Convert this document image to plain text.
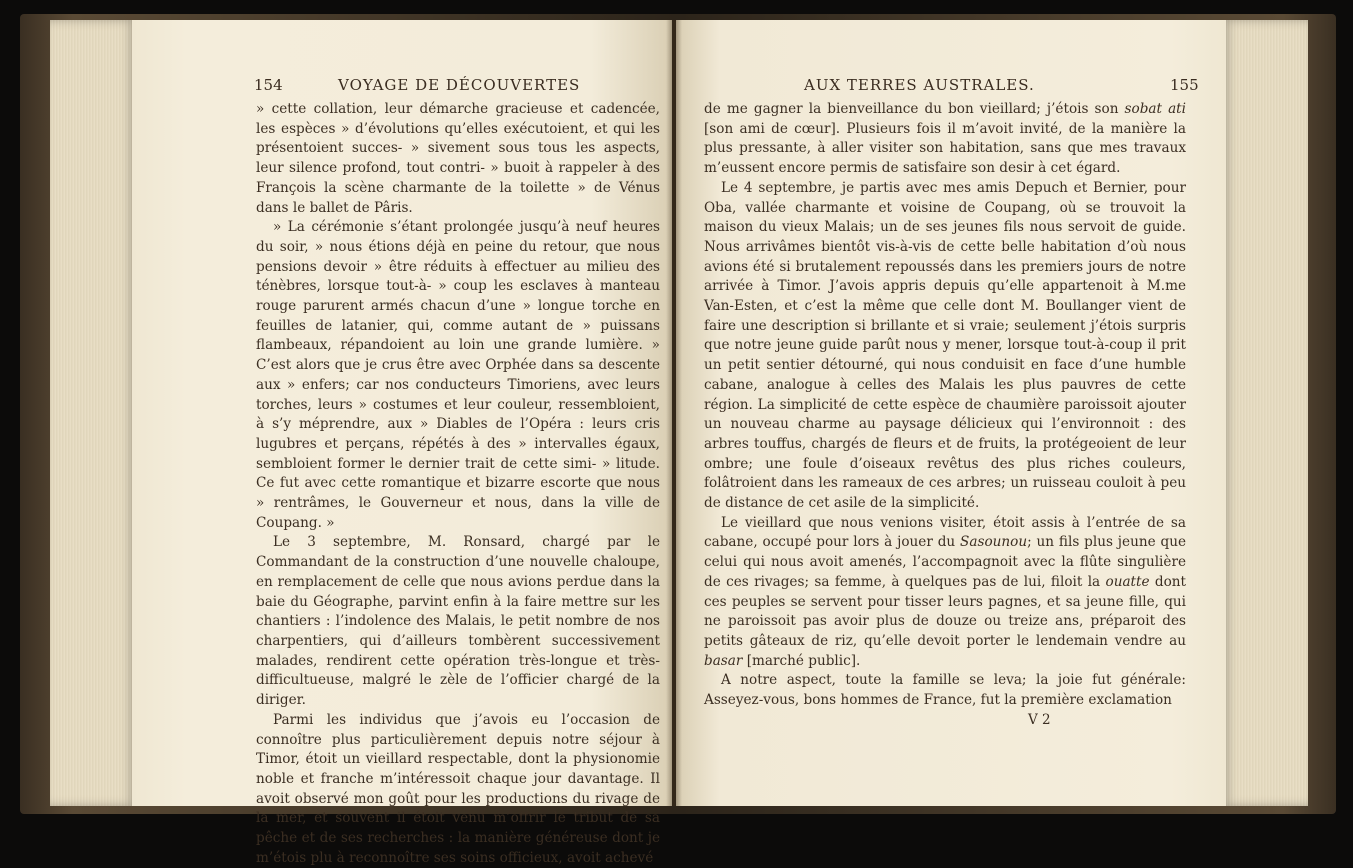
154	VOYAGE DE DÉCOUVERTES

» cette collation, leur démarche gracieuse et cadencée, les espèces » d’évolutions qu’elles exécutoient, et qui les présentoient succes- » sivement sous tous les aspects, leur silence profond, tout contri- » buoit à rappeler à des François la scène charmante de la toilette » de Vénus dans le ballet de Pâris.

» La cérémonie s’étant prolongée jusqu’à neuf heures du soir, » nous étions déjà en peine du retour, que nous pensions devoir » être réduits à effectuer au milieu des ténèbres, lorsque tout-à- » coup les esclaves à manteau rouge parurent armés chacun d’une » longue torche en feuilles de latanier, qui, comme autant de » puissans flambeaux, répandoient au loin une grande lumière. » C’est alors que je crus être avec Orphée dans sa descente aux » enfers; car nos conducteurs Timoriens, avec leurs torches, leurs » costumes et leur couleur, ressembloient, à s’y méprendre, aux » Diables de l’Opéra : leurs cris lugubres et perçans, répétés à des » intervalles égaux, sembloient former le dernier trait de cette simi- » litude. Ce fut avec cette romantique et bizarre escorte que nous » rentrâmes, le Gouverneur et nous, dans la ville de Coupang. »

Le 3 septembre, M. Ronsard, chargé par le Commandant de la construction d’une nouvelle chaloupe, en remplacement de celle que nous avions perdue dans la baie du Géographe, parvint enfin à la faire mettre sur les chantiers : l’indolence des Malais, le petit nombre de nos charpentiers, qui d’ailleurs tombèrent successivement malades, rendirent cette opération très-longue et très-difficultueuse, malgré le zèle de l’officier chargé de la diriger.

Parmi les individus que j’avois eu l’occasion de connoître plus particulièrement depuis notre séjour à Timor, étoit un vieillard respectable, dont la physionomie noble et franche m’intéressoit chaque jour davantage. Il avoit observé mon goût pour les productions du rivage de la mer, et souvent il étoit venu m’offrir le tribut de sa pêche et de ses recherches : la manière généreuse dont je m’étois plu à reconnoître ses soins officieux, avoit achevé

AUX TERRES AUSTRALES.	155

de me gagner la bienveillance du bon vieillard; j’étois son sobat ati [son ami de cœur]. Plusieurs fois il m’avoit invité, de la manière la plus pressante, à aller visiter son habitation, sans que mes travaux m’eussent encore permis de satisfaire son desir à cet égard.

Le 4 septembre, je partis avec mes amis Depuch et Bernier, pour Oba, vallée charmante et voisine de Coupang, où se trouvoit la maison du vieux Malais; un de ses jeunes fils nous servoit de guide. Nous arrivâmes bientôt vis-à-vis de cette belle habitation d’où nous avions été si brutalement repoussés dans les premiers jours de notre arrivée à Timor. J’avois appris depuis qu’elle appartenoit à M.me Van-Esten, et c’est la même que celle dont M. Boullanger vient de faire une description si brillante et si vraie; seulement j’étois surpris que notre jeune guide parût nous y mener, lorsque tout-à-coup il prit un petit sentier détourné, qui nous conduisit en face d’une humble cabane, analogue à celles des Malais les plus pauvres de cette région. La simplicité de cette espèce de chaumière paroissoit ajouter un nouveau charme au paysage délicieux qui l’environnoit : des arbres touffus, chargés de fleurs et de fruits, la protégeoient de leur ombre; une foule d’oiseaux revêtus des plus riches couleurs, folâtroient dans les rameaux de ces arbres; un ruisseau couloit à peu de distance de cet asile de la simplicité.

Le vieillard que nous venions visiter, étoit assis à l’entrée de sa cabane, occupé pour lors à jouer du Sasounou; un fils plus jeune que celui qui nous avoit amenés, l’accompagnoit avec la flûte singulière de ces rivages; sa femme, à quelques pas de lui, filoit la ouatte dont ces peuples se servent pour tisser leurs pagnes, et sa jeune fille, qui ne paroissoit pas avoir plus de douze ou treize ans, préparoit des petits gâteaux de riz, qu’elle devoit porter le lendemain vendre au basar [marché public].

A notre aspect, toute la famille se leva; la joie fut générale: Asseyez-vous, bons hommes de France, fut la première exclamation

V 2
